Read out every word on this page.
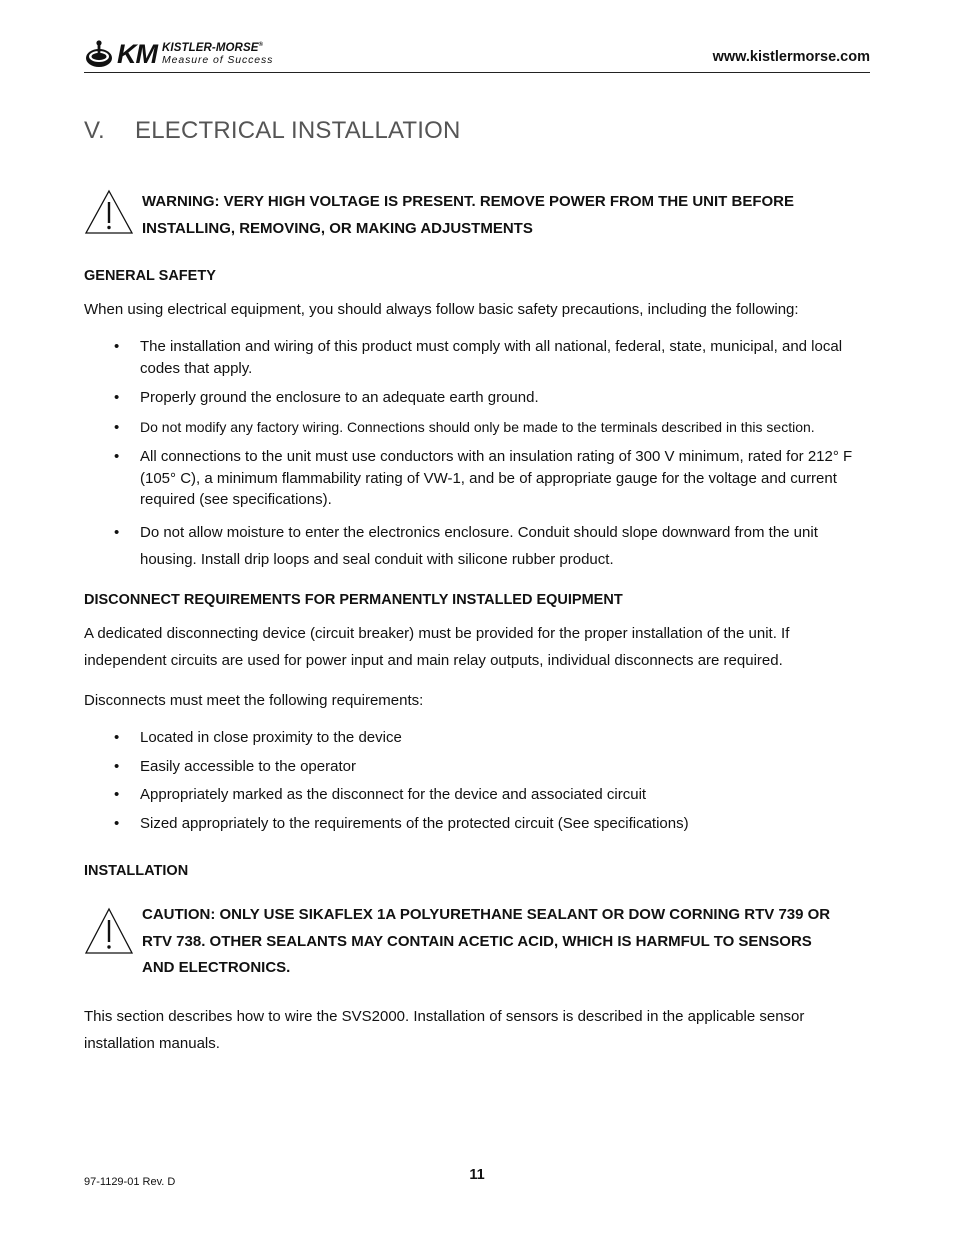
KM KISTLER-MORSE®
Measure of Success	www.kistlermorse.com
V. ELECTRICAL INSTALLATION
WARNING: VERY HIGH VOLTAGE IS PRESENT. REMOVE POWER FROM THE UNIT BEFORE
INSTALLING, REMOVING, OR MAKING ADJUSTMENTS
GENERAL SAFETY
When using electrical equipment, you should always follow basic safety precautions, including the following:
• The installation and wiring of this product must comply with all national, federal, state, municipal, and local codes that apply.
• Properly ground the enclosure to an adequate earth ground.
• Do not modify any factory wiring. Connections should only be made to the terminals described in this section.
• All connections to the unit must use conductors with an insulation rating of 300 V minimum, rated for 212° F (105° C), a minimum flammability rating of VW-1, and be of appropriate gauge for the voltage and current required (see specifications).
• Do not allow moisture to enter the electronics enclosure. Conduit should slope downward from the unit housing. Install drip loops and seal conduit with silicone rubber product.
DISCONNECT REQUIREMENTS FOR PERMANENTLY INSTALLED EQUIPMENT
A dedicated disconnecting device (circuit breaker) must be provided for the proper installation of the unit. If independent circuits are used for power input and main relay outputs, individual disconnects are required.
Disconnects must meet the following requirements:
• Located in close proximity to the device
• Easily accessible to the operator
• Appropriately marked as the disconnect for the device and associated circuit
• Sized appropriately to the requirements of the protected circuit (See specifications)
INSTALLATION
CAUTION: ONLY USE SIKAFLEX 1A POLYURETHANE SEALANT OR DOW CORNING RTV 739 OR
RTV 738. OTHER SEALANTS MAY CONTAIN ACETIC ACID, WHICH IS HARMFUL TO SENSORS
AND ELECTRONICS.
This section describes how to wire the SVS2000. Installation of sensors is described in the applicable sensor installation manuals.
11
97-1129-01 Rev. D
